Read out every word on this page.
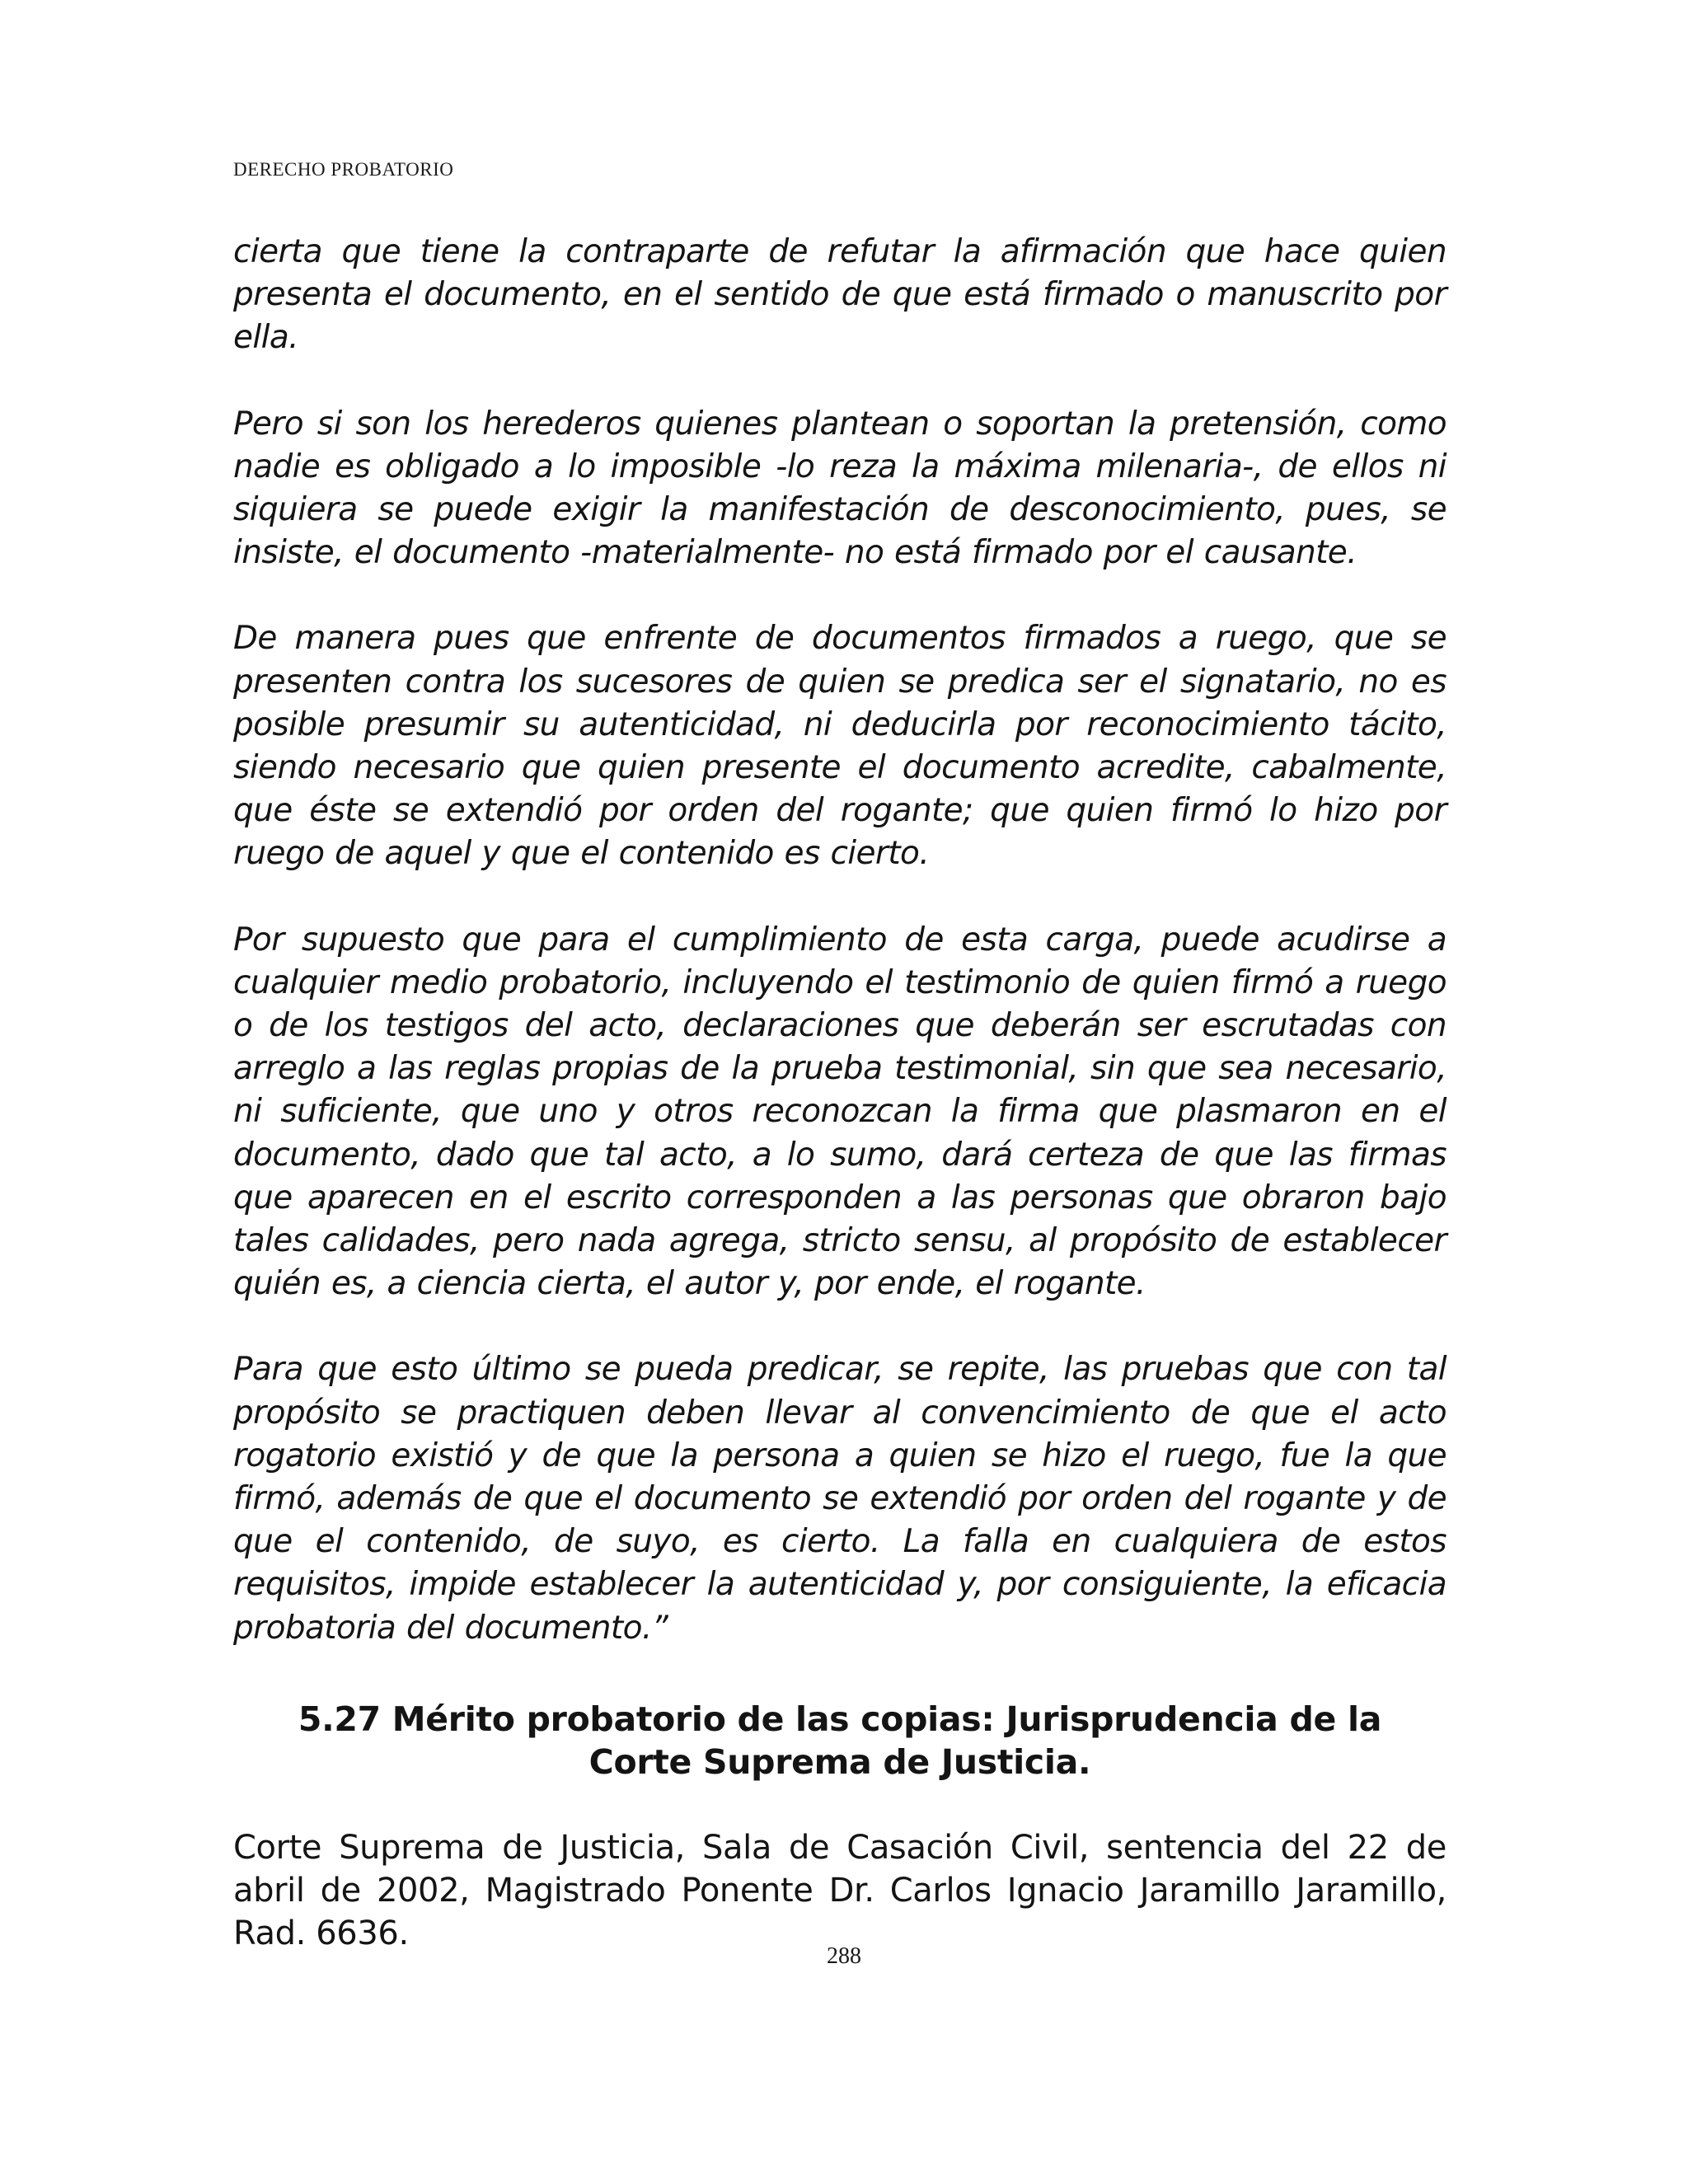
DERECHO PROBATORIO

cierta que tiene la contraparte de refutar la afirmación que hace quien presenta el documento, en el sentido de que está firmado o manuscrito por ella.

Pero si son los herederos quienes plantean o soportan la pretensión, como nadie es obligado a lo imposible -lo reza la máxima milenaria-, de ellos ni siquiera se puede exigir la manifestación de desconocimiento, pues, se insiste, el documento -materialmente- no está firmado por el causante.

De manera pues que enfrente de documentos firmados a ruego, que se presenten contra los sucesores de quien se predica ser el signatario, no es posible presumir su autenticidad, ni deducirla por reconocimiento tácito, siendo necesario que quien presente el documento acredite, cabalmente, que éste se extendió por orden del rogante; que quien firmó lo hizo por ruego de aquel y que el contenido es cierto.

Por supuesto que para el cumplimiento de esta carga, puede acudirse a cualquier medio probatorio, incluyendo el testimonio de quien firmó a ruego o de los testigos del acto, declaraciones que deberán ser escrutadas con arreglo a las reglas propias de la prueba testimonial, sin que sea necesario, ni suficiente, que uno y otros reconozcan la firma que plasmaron en el documento, dado que tal acto, a lo sumo, dará certeza de que las firmas que aparecen en el escrito corresponden a las personas que obraron bajo tales calidades, pero nada agrega, stricto sensu, al propósito de establecer quién es, a ciencia cierta, el autor y, por ende, el rogante.

Para que esto último se pueda predicar, se repite, las pruebas que con tal propósito se practiquen deben llevar al convencimiento de que el acto rogatorio existió y de que la persona a quien se hizo el ruego, fue la que firmó, además de que el documento se extendió por orden del rogante y de que el contenido, de suyo, es cierto. La falla en cualquiera de estos requisitos, impide establecer la autenticidad y, por consiguiente, la eficacia probatoria del documento.”

5.27 Mérito probatorio de las copias: Jurisprudencia de la Corte Suprema de Justicia.

Corte Suprema de Justicia, Sala de Casación Civil, sentencia del 22 de abril de 2002, Magistrado Ponente Dr. Carlos Ignacio Jaramillo Jaramillo, Rad. 6636.

288
